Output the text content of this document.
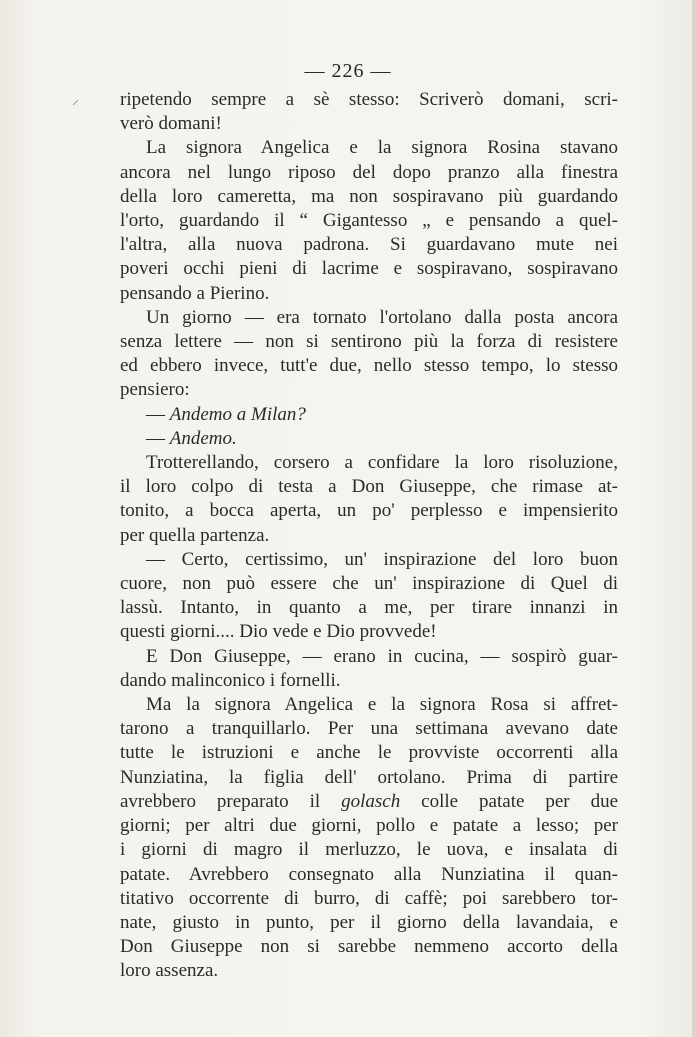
— 226 —
ripetendo sempre a sè stesso: Scriverò domani, scri-
verò domani!
La signora Angelica e la signora Rosina stavano
ancora nel lungo riposo del dopo pranzo alla finestra
della loro cameretta, ma non sospiravano più guardando
l'orto, guardando il “ Gigantesso „ e pensando a quel-
l'altra, alla nuova padrona. Si guardavano mute nei
poveri occhi pieni di lacrime e sospiravano, sospiravano
pensando a Pierino.
Un giorno — era tornato l'ortolano dalla posta ancora
senza lettere — non si sentirono più la forza di resistere
ed ebbero invece, tutt'e due, nello stesso tempo, lo stesso
pensiero:
— Andemo a Milan?
— Andemo.
Trotterellando, corsero a confidare la loro risoluzione,
il loro colpo di testa a Don Giuseppe, che rimase at-
tonito, a bocca aperta, un po' perplesso e impensierito
per quella partenza.
— Certo, certissimo, un' inspirazione del loro buon
cuore, non può essere che un' inspirazione di Quel di
lassù. Intanto, in quanto a me, per tirare innanzi in
questi giorni.... Dio vede e Dio provvede!
E Don Giuseppe, — erano in cucina, — sospirò guar-
dando malinconico i fornelli.
Ma la signora Angelica e la signora Rosa si affret-
tarono a tranquillarlo. Per una settimana avevano date
tutte le istruzioni e anche le provviste occorrenti alla
Nunziatina, la figlia dell' ortolano. Prima di partire
avrebbero preparato il golasch colle patate per due
giorni; per altri due giorni, pollo e patate a lesso; per
i giorni di magro il merluzzo, le uova, e insalata di
patate. Avrebbero consegnato alla Nunziatina il quan-
titativo occorrente di burro, di caffè; poi sarebbero tor-
nate, giusto in punto, per il giorno della lavandaia, e
Don Giuseppe non si sarebbe nemmeno accorto della
loro assenza.
⸍
